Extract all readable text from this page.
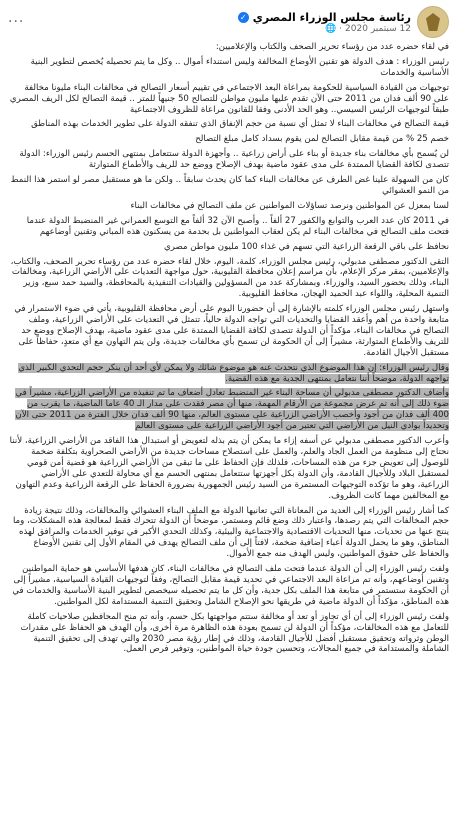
رئاسة مجلس الوزراء المصري
✓
12 سبتمبر 2020
·
🌐
···

في لقاء حضره عدد من رؤساء تحرير الصحف والكتاب والإعلاميين:

رئيس الوزراء : هدف الدولة هو تقنين الأوضاع المخالفة وليس استنداء أموال .. وكل ما يتم تحصيله يُخصص لتطوير البنية الأساسية والخدمات

توجيهات من القيادة السياسية للحكومة بمراعاة البعد الاجتماعي في تقييم أسعار التصالح في مخالفات البناء مليونا مخالفة على 90 ألف فدان من 2011 حتى الآن تقدم عليها مليون مواطن للتصالح 50 جنيهاً للمتر .. قيمة التصالح لكل الريف المصري طبقاً لتوجيهات الرئيس السيسي.. وهو الحد الأدنى وفقا للقانون مراعاة للظروف الاجتماعية

قيمة التصالح في مخالفات البناء لا تمثل أي نسبة من حجم الإنفاق الذي تنفقه الدولة على تطوير الخدمات بهذه المناطق

خصم 25 % من قيمة مقابل التصالح لمن يقوم بسداد كامل مبلغ التصالح

لن يُسمح بأي مخالفات بناء جديدة أو بناء على أراض زراعية .. وأجهزة الدولة ستتعامل بمنتهى الحسم رئيس الوزراء: الدولة تتصدى لكافة القضايا الممتدة على مدى عقود ماضية بهدف الإصلاح ووضع حد للريف والأطماع المتوارثة

كان من السهولة علينا غض الطرف عن مخالفات البناء كما كان يحدث سابقاً .. ولكن ما هو مستقبل مصر لو استمر هذا النمط من النمو العشوائي

لسنا بمعزل عن المواطنين ونرصد تساؤلات المواطنين عن ملف التصالح في مخالفات البناء

في 2011 كان عدد العرب والتوابع والكفور 27 ألفاً .. وأصبح الآن 32 ألفاً مع التوسع العمراني غير المنضبط الدولة عندما فتحت ملف التصالح في مخالفات البناء لم يكن لعقاب المواطنين بل بحدمة من يسكنون هذه المباني وتقنين أوضاعهم

نحافظ على باقي الرقعة الزراعية التي تسهم في غذاء 100 مليون مواطن مصري

التقى الدكتور مصطفى مدبولي، رئيس مجلس الوزراء، كلمة، اليوم، خلال لقاء حضره عدد من رؤساء تحرير الصحف، والكتاب، والإعلاميين، بمقر مركز الإعلام، بأن مراسم إعلان محافظة القليوبية، حول مواجهة التعديات على الأراضي الزراعية، ومخالفات البناء، وذلك بحضور السيد، والوزراء، وبمشاركة عدد من المسؤولين والقيادات التنفيذية بالمحافظة، والسيد حمد سبع، وزير التنمية المحلية، واللواء عبد الحميد الهجان، محافظ القليوبية.

واستهل رئيس مجلس الوزراء كلمته بالإشارة إلى أن حضورنا اليوم على أرض محافظة القليوبية، يأتي في ضوء الاستمرار في متابعة واحدة من أهم وأعقد القضايا والتحديات التي تواجه الدولة حالياً، تتمثل في التعديات على الأراضي الزراعية، وملف التصالح في مخالفات البناء، مؤكداً أن الدولة تتصدى لكافة القضايا الممتدة على مدى عقود ماضية، بهدف الإصلاح ووضع حد للتريف والأطماع المتوارثة، مشيراً إلى أن الحكومة لن تسمح بأي مخالفات جديدة، ولن يتم التهاون مع أي متعدٍ، حفاظاً على مستقبل الأجيال القادمة.

وقال رئيس الوزراء: إن هذا الموضوع الذي نتحدث عنه هو موضوع شائك ولا يمكن لأي أحد أن ينكر حجم التحدي الكبير الذي تواجهه الدولة، موضحاً أننا نتعامل بمنتهى الجدية مع هذه القضية.

وأضاف الدكتور مصطفى مدبولي أن مساحة البناء غير المنضبط تعادل أضعاف ما تم تنفيذه من الأراضي الزراعية، مشيراً في ضوء ذلك إلى أنه تم عرض مجموعة من الأرقام المهمة، منها أن مصر فقدت على مدار الـ 40 عاما الماضية، ما يقرب من 400 ألف فدان من أجود وأخصب الأراضي الزراعية على مستوى العالم، منها 90 ألف فدان خلال الفترة من 2011 حتى الآن وتحديداً بوادي النيل من الأراضي التي تعتبر من أجود الأراضي الزراعية على مستوى العالم

وأعرب الدكتور مصطفى مدبولي عن أسفه إزاء ما يمكن أن يتم بذله لتعويض أو استبدال هذا الفاقد من الأراضي الزراعية، لأننا نحتاج إلى منظومة من العمل الجاد والعلم، والعمل على استصلاح مساحات جديدة من الأراضي الصحراوية بتكلفة ضخمة للوصول إلى تعويض جزء من هذه المساحات، فلذلك فإن الحفاظ على ما تبقى من الأراضي الزراعية هو قضية أمن قومي لمستقبل البلاد وللأجيال القادمة، وأن الدولة بكل أجهزتها ستتعامل بمنتهى الحسم مع أي محاولة للتعدي على الأراضي الزراعية، وهو ما تؤكده التوجيهات المستمرة من السيد رئيس الجمهورية بضرورة الحفاظ على الرقعة الزراعية وعدم التهاون مع المخالفين مهما كانت الظروف.

كما أشار رئيس الوزراء إلى العديد من المعاناة التي تعانيها الدولة مع الملف البناء العشوائي والمخالفات، وذلك نتيجة زيادة حجم المخالفات التي يتم رصدها، واعتبار ذلك وضع قائم ومستمر، موضحاً أن الدولة تتحرك فقط لمعالجة هذه المشكلات، وما ينتج عنها من تحديات، منها التحديات الاقتصادية والاجتماعية والبيئية، وكذلك التحدي الأكبر في توفير الخدمات والمرافق لهذه المناطق، وهو ما يحمل الدولة أعباء إضافية ضخمة، لافتاً إلى أن ملف التصالح يهدف في المقام الأول إلى تقنين الأوضاع والحفاظ على حقوق المواطنين، وليس الهدف منه جمع الأموال.

ولفت رئيس الوزراء إلى أن الدولة عندما فتحت ملف التصالح في مخالفات البناء، كان هدفها الأساسي هو حماية المواطنين وتقنين أوضاعهم، وأنه تم مراعاة البعد الاجتماعي في تحديد قيمة مقابل التصالح، وفقاً لتوجيهات القيادة السياسية، مشيراً إلى أن الحكومة ستستمر في متابعة هذا الملف بكل جدية، وأن كل ما يتم تحصيله سيخصص لتطوير البنية الأساسية والخدمات في هذه المناطق، مؤكداً أن الدولة ماضية في طريقها نحو الإصلاح الشامل وتحقيق التنمية المستدامة لكل المواطنين.

ولفت رئيس الوزراء إلى أن أي تجاوز أو تعد أو مخالفة ستتم مواجهتها بكل حسم، وأنه تم منح المحافظين صلاحيات كاملة للتعامل مع هذه المخالفات، مؤكداً أن الدولة لن تسمح بعودة هذه الظاهرة مرة أخرى، وأن الهدف هو الحفاظ على مقدرات الوطن وثرواته وتحقيق مستقبل أفضل للأجيال القادمة، وذلك في إطار رؤية مصر 2030 والتي تهدف إلى تحقيق التنمية الشاملة والمستدامة في جميع المجالات، وتحسين جودة حياة المواطنين، وتوفير فرص العمل.
